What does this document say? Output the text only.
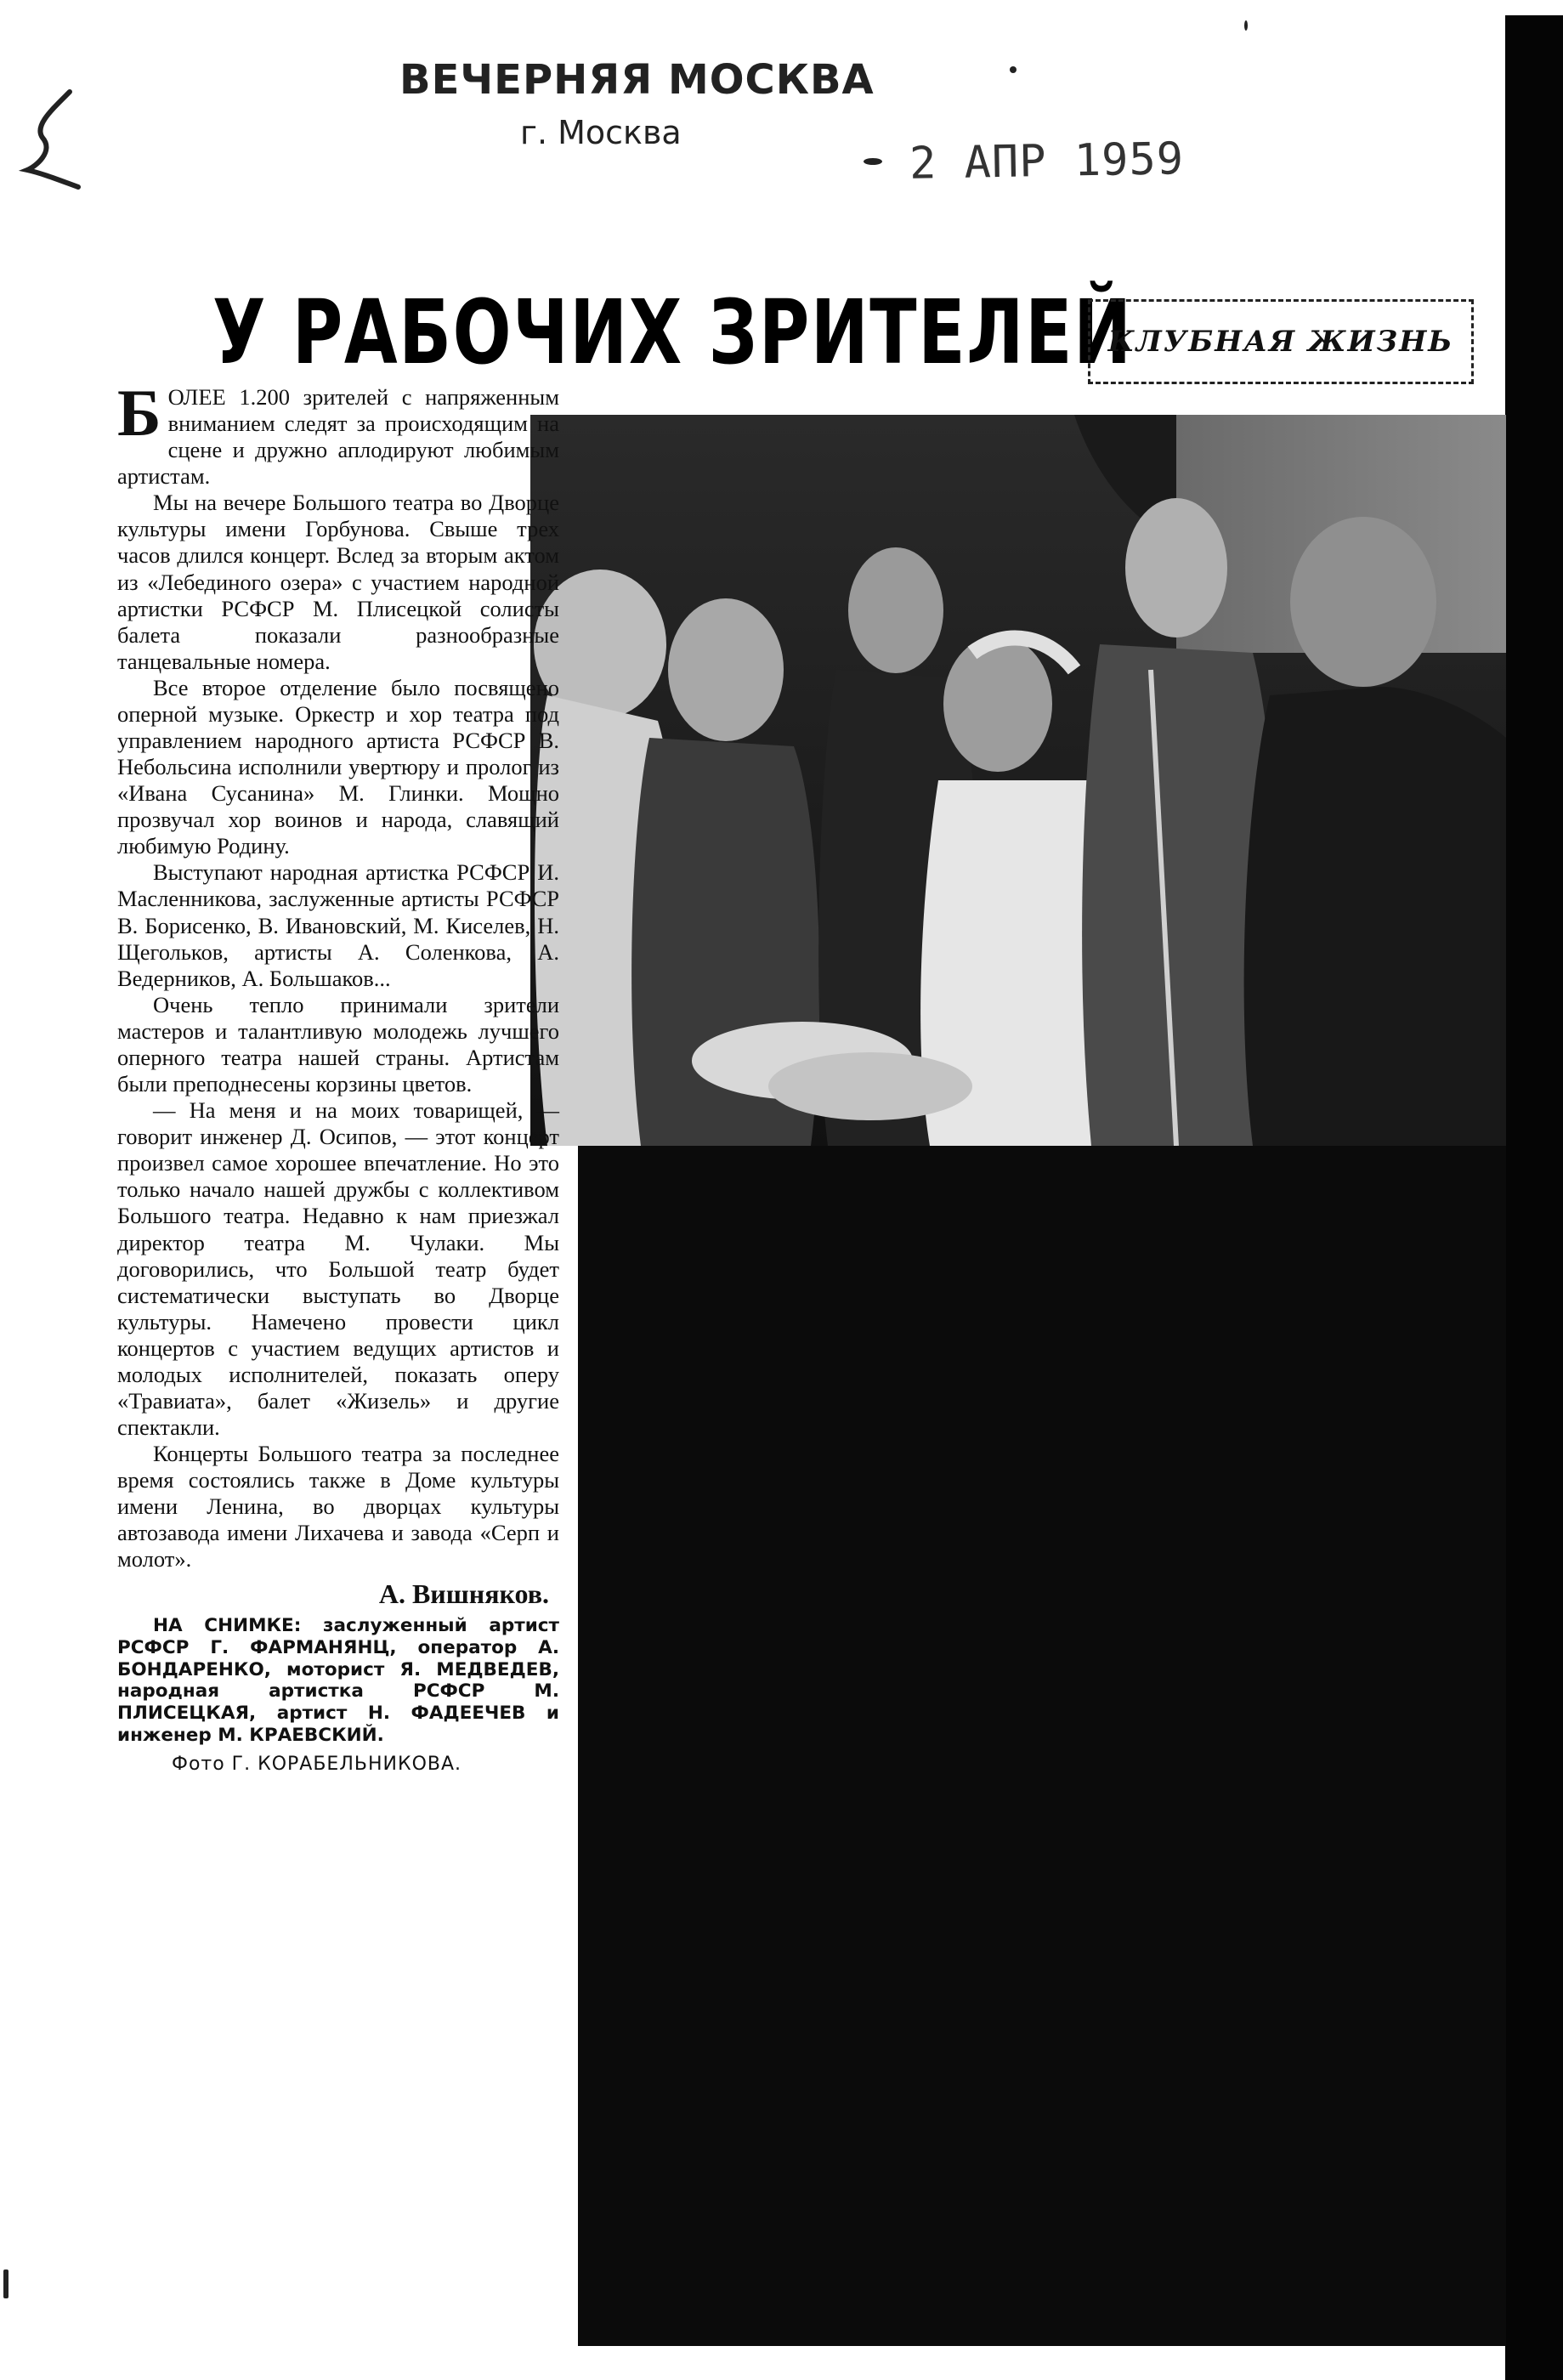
ВЕЧЕРНЯЯ МОСКВА
г. Москва
2 АПР 1959
У РАБОЧИХ ЗРИТЕЛЕЙ
КЛУБНАЯ ЖИЗНЬ

БОЛЕЕ 1.200 зрителей с напряженным вниманием следят за происходящим на сцене и дружно аплодируют любимым артистам.

Мы на вечере Большого театра во Дворце культуры имени Горбунова. Свыше трех часов длился концерт. Вслед за вторым актом из «Лебединого озера» с участием народной артистки РСФСР М. Плисецкой солисты балета показали разнообразные танцевальные номера.

Все второе отделение было посвящено оперной музыке. Оркестр и хор театра под управлением народного артиста РСФСР В. Небольсина исполнили увертюру и пролог из «Ивана Сусанина» М. Глинки. Мощно прозвучал хор воинов и народа, славящий любимую Родину.

Выступают народная артистка РСФСР И. Масленникова, заслуженные артисты РСФСР В. Борисенко, В. Ивановский, М. Киселев, Н. Щегольков, артисты А. Соленкова, А. Ведерников, А. Большаков...

Очень тепло принимали зрители мастеров и талантливую молодежь лучшего оперного театра нашей страны. Артистам были преподнесены корзины цветов.

— На меня и на моих товарищей, — говорит инженер Д. Осипов, — этот концерт произвел самое хорошее впечатление. Но это только начало нашей дружбы с коллективом Большого театра. Недавно к нам приезжал директор театра М. Чулаки. Мы договорились, что Большой театр будет систематически выступать во Дворце культуры. Намечено провести цикл концертов с участием ведущих артистов и молодых исполнителей, показать оперу «Травиата», балет «Жизель» и другие спектакли.

Концерты Большого театра за последнее время состоялись также в Доме культуры имени Ленина, во дворцах культуры автозавода имени Лихачева и завода «Серп и молот».

А. Вишняков.

НА СНИМКЕ: заслуженный артист РСФСР Г. ФАРМАНЯНЦ, оператор А. БОНДАРЕНКО, моторист Я. МЕДВЕДЕВ, народная артистка РСФСР М. ПЛИСЕЦКАЯ, артист Н. ФАДЕЕЧЕВ и инженер М. КРАЕВСКИЙ.

Фото Г. КОРАБЕЛЬНИКОВА.
